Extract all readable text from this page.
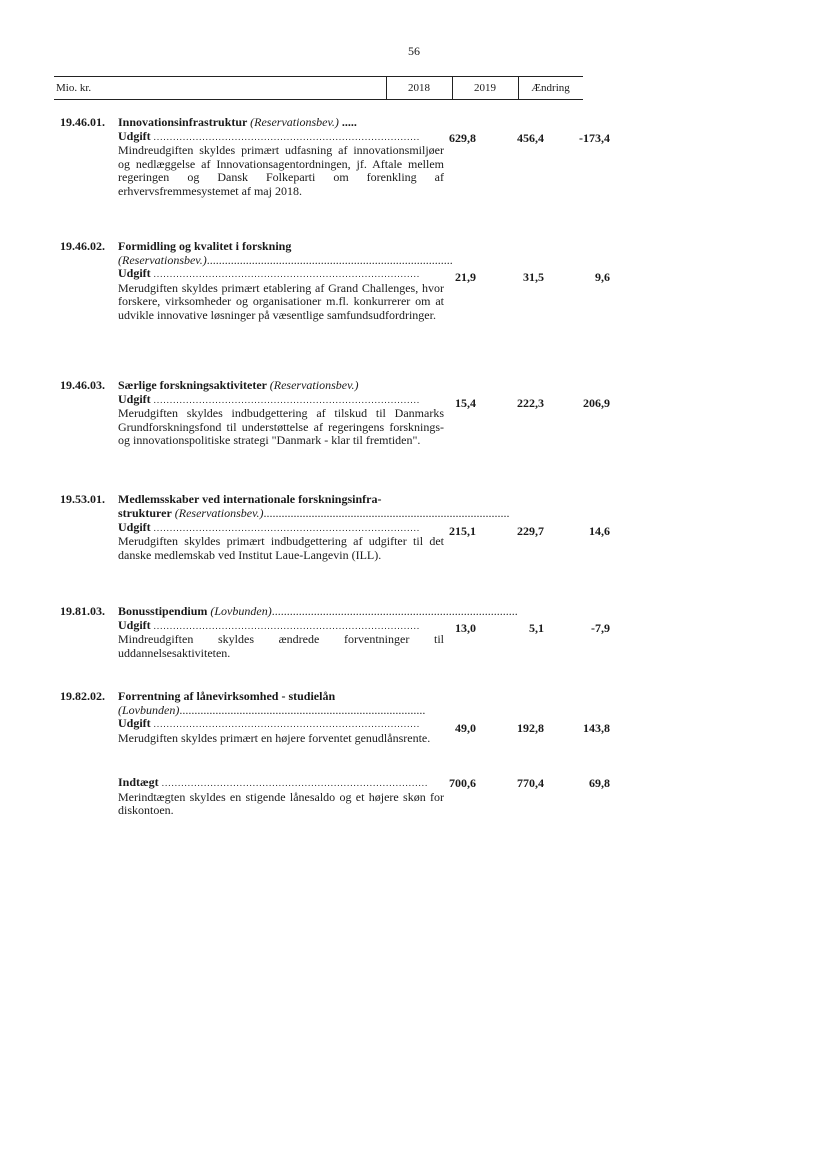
56
Mio. kr.	2018	2019	Ændring
19.46.01. Innovationsinfrastruktur (Reservationsbev.) .....
Udgift ..................................................................................
Mindreudgiften skyldes primært udfasning af innovationsmiljøer og nedlæggelse af Innovationsagentordningen, jf. Aftale mellem regeringen og Dansk Folkeparti om forenkling af erhvervsfremmesystemet af maj 2018.
629,8	456,4	-173,4
19.46.02. Formidling og kvalitet i forskning
(Reservationsbev.) ..................................................................................
Udgift ..................................................................................
Merudgiften skyldes primært etablering af Grand Challenges, hvor forskere, virksomheder og organisationer m.fl. konkurrerer om at udvikle innovative løsninger på væsentlige samfundsudfordringer.
21,9	31,5	9,6
19.46.03. Særlige forskningsaktiviteter (Reservationsbev.)
Udgift ..................................................................................
Merudgiften skyldes indbudgettering af tilskud til Danmarks Grundforskningsfond til understøttelse af regeringens forsknings- og innovationspolitiske strategi "Danmark - klar til fremtiden".
15,4	222,3	206,9
19.53.01. Medlemsskaber ved internationale forskningsinfra-
strukturer
(Reservationsbev.) ..................................................................................
Udgift ..................................................................................
Merudgiften skyldes primært indbudgettering af udgifter til det danske medlemskab ved Institut Laue-Langevin (ILL).
215,1	229,7	14,6
19.81.03. Bonusstipendium
(Lovbunden) ..................................................................................
Udgift ..................................................................................
Mindreudgiften skyldes ændrede forventninger til uddannelsesaktiviteten.
13,0	5,1	-7,9
19.82.02. Forrentning af lånevirksomhed - studielån
(Lovbunden) ..................................................................................
Udgift ..................................................................................
Merudgiften skyldes primært en højere forventet genudlånsrente.
49,0	192,8	143,8
Indtægt ..................................................................................
Merindtægten skyldes en stigende lånesaldo og et højere skøn for diskontoen.
700,6	770,4	69,8
